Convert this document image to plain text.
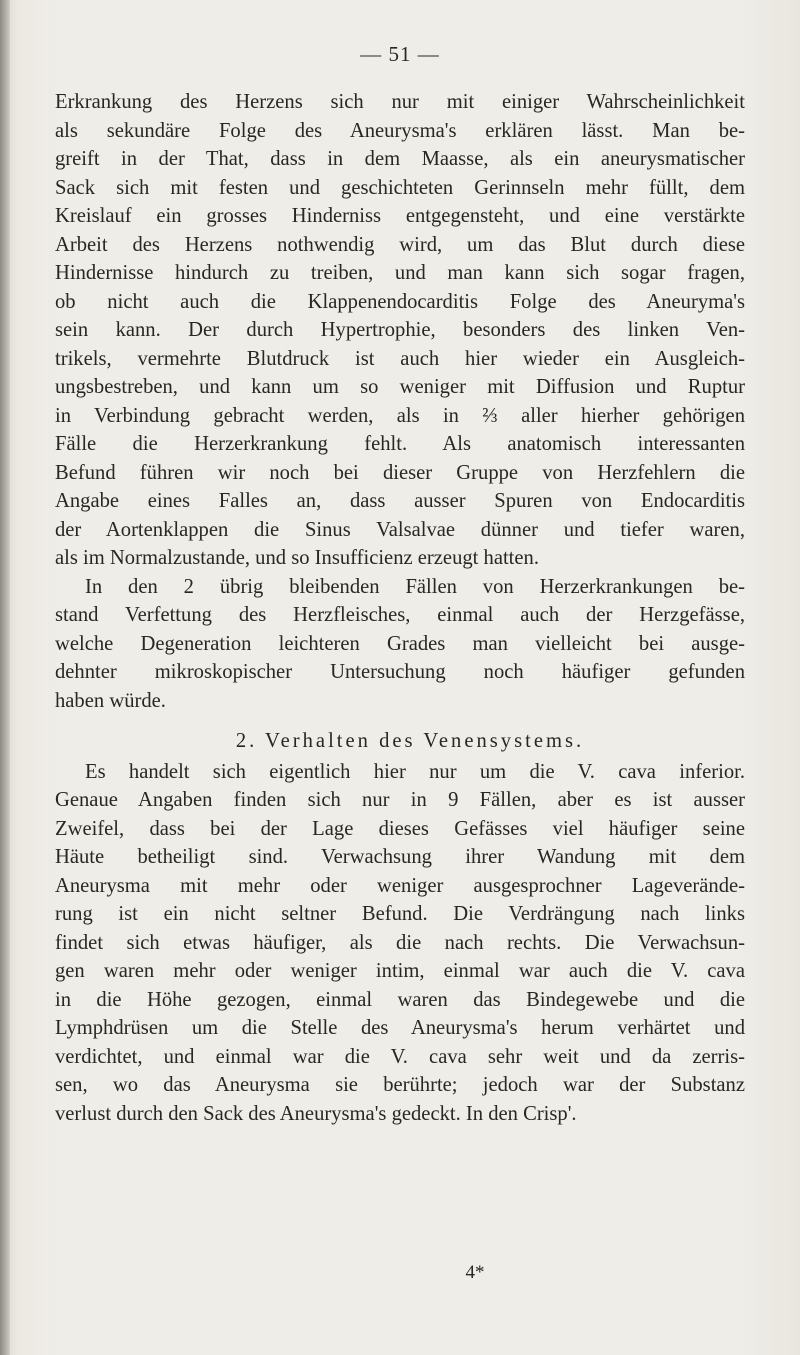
— 51 —

Erkrankung des Herzens sich nur mit einiger Wahrscheinlichkeit

als sekundäre Folge des Aneurysma's erklären lässt. Man be-

greift in der That, dass in dem Maasse, als ein aneurysmatischer

Sack sich mit festen und geschichteten Gerinnseln mehr füllt, dem

Kreislauf ein grosses Hinderniss entgegensteht, und eine verstärkte

Arbeit des Herzens nothwendig wird, um das Blut durch diese

Hindernisse hindurch zu treiben, und man kann sich sogar fragen,

ob nicht auch die Klappenendocarditis Folge des Aneuryma's

sein kann. Der durch Hypertrophie, besonders des linken Ven-

trikels, vermehrte Blutdruck ist auch hier wieder ein Ausgleich-

ungsbestreben, und kann um so weniger mit Diffusion und Ruptur

in Verbindung gebracht werden, als in ⅔ aller hierher gehörigen

Fälle die Herzerkrankung fehlt. Als anatomisch interessanten

Befund führen wir noch bei dieser Gruppe von Herzfehlern die

Angabe eines Falles an, dass ausser Spuren von Endocarditis

der Aortenklappen die Sinus Valsalvae dünner und tiefer waren,

als im Normalzustande, und so Insufficienz erzeugt hatten.

In den 2 übrig bleibenden Fällen von Herzerkrankungen be-

stand Verfettung des Herzfleisches, einmal auch der Herzgefässe,

welche Degeneration leichteren Grades man vielleicht bei ausge-

dehnter mikroskopischer Untersuchung noch häufiger gefunden

haben würde.

2. Verhalten des Venensystems.

Es handelt sich eigentlich hier nur um die V. cava inferior.

Genaue Angaben finden sich nur in 9 Fällen, aber es ist ausser

Zweifel, dass bei der Lage dieses Gefässes viel häufiger seine

Häute betheiligt sind. Verwachsung ihrer Wandung mit dem

Aneurysma mit mehr oder weniger ausgesprochner Lageverände-

rung ist ein nicht seltner Befund. Die Verdrängung nach links

findet sich etwas häufiger, als die nach rechts. Die Verwachsun-

gen waren mehr oder weniger intim, einmal war auch die V. cava

in die Höhe gezogen, einmal waren das Bindegewebe und die

Lymphdrüsen um die Stelle des Aneurysma's herum verhärtet und

verdichtet, und einmal war die V. cava sehr weit und da zerris-

sen, wo das Aneurysma sie berührte; jedoch war der Substanz

verlust durch den Sack des Aneurysma's gedeckt. In den Crisp'.

4*
